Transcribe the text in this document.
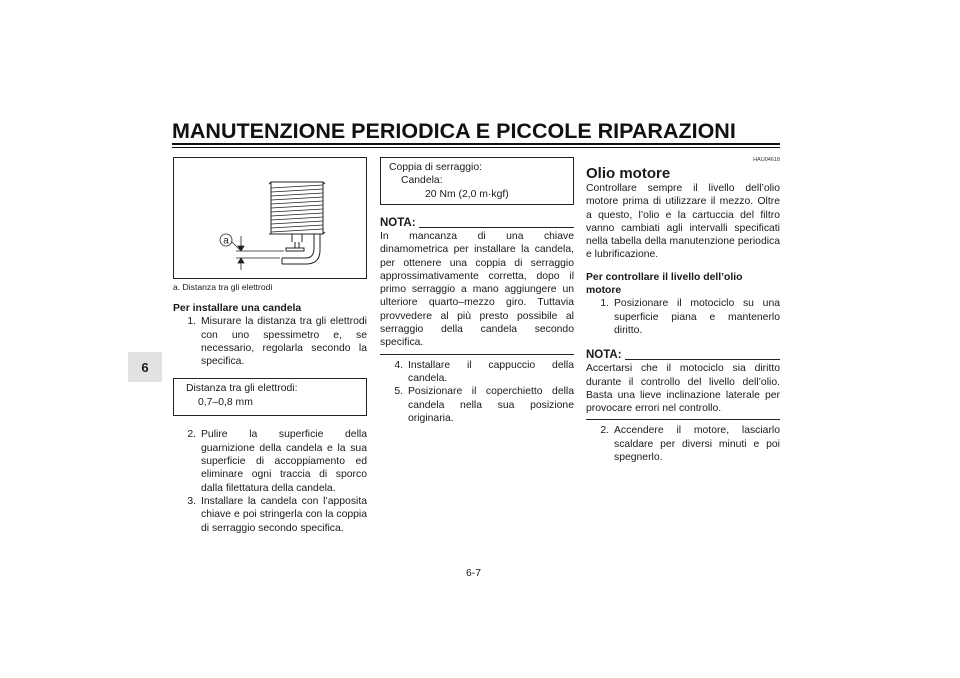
MANUTENZIONE PERIODICA E PICCOLE RIPARAZIONI
6
a
a. Distanza tra gli elettrodi
Per installare una candela
1. Misurare la distanza tra gli elettrodi con uno spessimetro e, se necessario, regolarla secondo la specifica.
Distanza tra gli elettrodi:
0,7–0,8 mm
2. Pulire la superficie della guarnizione della candela e la sua superficie di accoppiamento ed eliminare ogni traccia di sporco dalla filettatura della candela.
3. Installare la candela con l’apposita chiave e poi stringerla con la coppia di serraggio secondo specifica.
Coppia di serraggio:
Candela:
20 Nm (2,0 m·kgf)
NOTA:
In mancanza di una chiave dinamometrica per installare la candela, per ottenere una coppia di serraggio approssimativamente corretta, dopo il primo serraggio a mano aggiungere un ulteriore quarto–mezzo giro. Tuttavia provvedere al più presto possibile al serraggio della candela secondo specifica.
4. Installare il cappuccio della candela.
5. Posizionare il coperchietto della candela nella sua posizione originaria.
HAU04618
Olio motore
Controllare sempre il livello dell’olio motore prima di utilizzare il mezzo. Oltre a questo, l’olio e la cartuccia del filtro vanno cambiati agli intervalli specificati nella tabella della manutenzione periodica e lubrificazione.
Per controllare il livello dell’olio motore
1. Posizionare il motociclo su una superficie piana e mantenerlo diritto.
NOTA:
Accertarsi che il motociclo sia diritto durante il controllo del livello dell’olio. Basta una lieve inclinazione laterale per provocare errori nel controllo.
2. Accendere il motore, lasciarlo scaldare per diversi minuti e poi spegnerlo.
6-7
